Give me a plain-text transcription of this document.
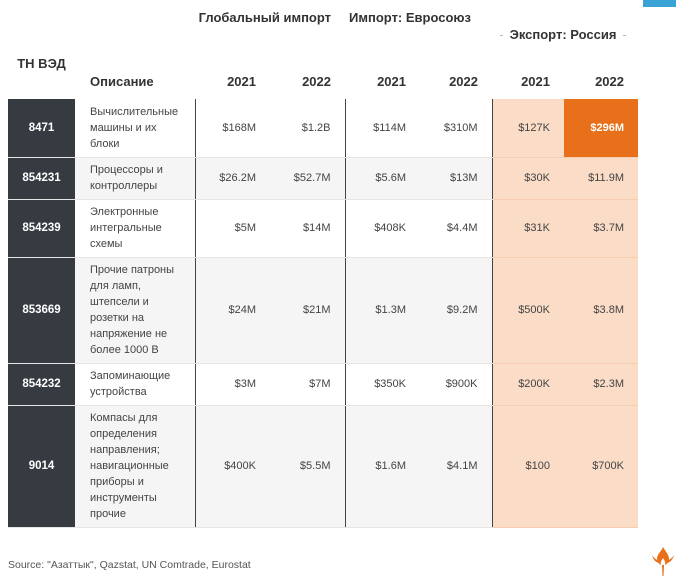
Глобальный импорт Импорт: Евросоюз
- Экспорт: Россия -
ТН ВЭД
Описание	2021	2022	2021	2022	2021	2022
8471	Вычислительные машины и их блоки	$168M	$1.2B	$114M	$310M	$127K	$296M
854231	Процессоры и контроллеры	$26.2M	$52.7M	$5.6M	$13M	$30K	$11.9M
854239	Электронные интегральные схемы	$5M	$14M	$408K	$4.4M	$31K	$3.7M
853669	Прочие патроны для ламп, штепсели и розетки на напряжение не более 1000 В	$24M	$21M	$1.3M	$9.2M	$500K	$3.8M
854232	Запоминающие устройства	$3M	$7M	$350K	$900K	$200K	$2.3M
9014	Компасы для определения направления; навигационные приборы и инструменты прочие	$400K	$5.5M	$1.6M	$4.1M	$100	$700K
Source: "Азаттык", Qazstat, UN Comtrade, Eurostat
